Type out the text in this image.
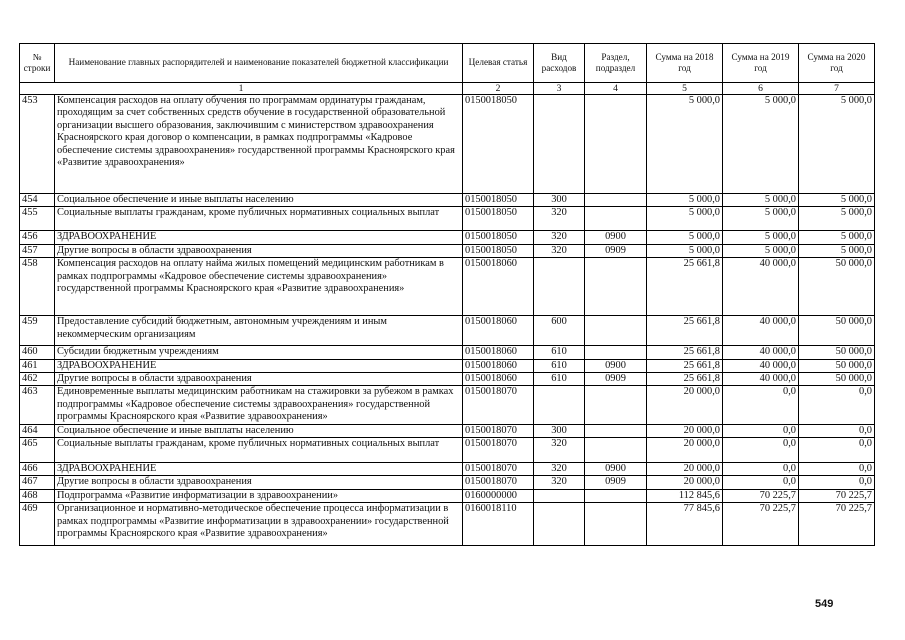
№ строки	Наименование главных распорядителей и наименование показателей бюджетной классификации	Целевая статья	Вид расходов	Раздел, подраздел	Сумма на 2018 год	Сумма на 2019 год	Сумма на 2020 год
1		2	3	4	5	6	7
453	Компенсация расходов на оплату обучения по программам ординатуры гражданам, проходящим за счет собственных средств обучение в государственной образовательной организации высшего образования, заключившим с министерством здравоохранения Красноярского края договор о компенсации, в рамках подпрограммы «Кадровое обеспечение системы здравоохранения» государственной программы Красноярского края «Развитие здравоохранения»	0150018050			5 000,0	5 000,0	5 000,0
454	Социальное обеспечение и иные выплаты населению	0150018050	300		5 000,0	5 000,0	5 000,0
455	Социальные выплаты гражданам, кроме публичных нормативных социальных выплат	0150018050	320		5 000,0	5 000,0	5 000,0
456	ЗДРАВООХРАНЕНИЕ	0150018050	320	0900	5 000,0	5 000,0	5 000,0
457	Другие вопросы в области здравоохранения	0150018050	320	0909	5 000,0	5 000,0	5 000,0
458	Компенсация расходов на оплату найма жилых помещений медицинским работникам в рамках подпрограммы «Кадровое обеспечение системы здравоохранения» государственной программы Красноярского края «Развитие здравоохранения»	0150018060			25 661,8	40 000,0	50 000,0
459	Предоставление субсидий бюджетным, автономным учреждениям и иным некоммерческим организациям	0150018060	600		25 661,8	40 000,0	50 000,0
460	Субсидии бюджетным учреждениям	0150018060	610		25 661,8	40 000,0	50 000,0
461	ЗДРАВООХРАНЕНИЕ	0150018060	610	0900	25 661,8	40 000,0	50 000,0
462	Другие вопросы в области здравоохранения	0150018060	610	0909	25 661,8	40 000,0	50 000,0
463	Единовременные выплаты медицинским работникам на стажировки за рубежом в рамках подпрограммы «Кадровое обеспечение системы здравоохранения» государственной программы Красноярского края «Развитие здравоохранения»	0150018070			20 000,0	0,0	0,0
464	Социальное обеспечение и иные выплаты населению	0150018070	300		20 000,0	0,0	0,0
465	Социальные выплаты гражданам, кроме публичных нормативных социальных выплат	0150018070	320		20 000,0	0,0	0,0
466	ЗДРАВООХРАНЕНИЕ	0150018070	320	0900	20 000,0	0,0	0,0
467	Другие вопросы в области здравоохранения	0150018070	320	0909	20 000,0	0,0	0,0
468	Подпрограмма «Развитие информатизации в здравоохранении»	0160000000			112 845,6	70 225,7	70 225,7
469	Организационное и нормативно-методическое обеспечение процесса информатизации в рамках подпрограммы «Развитие информатизации в здравоохранении» государственной программы Красноярского края «Развитие здравоохранения»	0160018110			77 845,6	70 225,7	70 225,7
549
